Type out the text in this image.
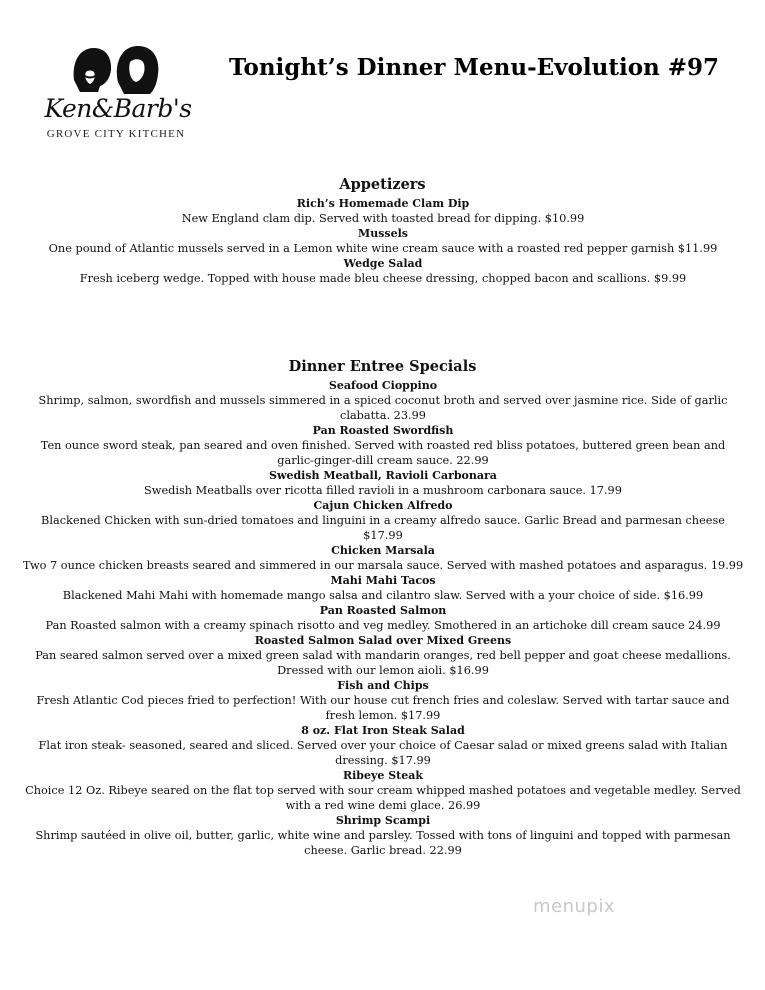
Ken&Barb's
GROVE CITY KITCHEN
Tonight’s Dinner Menu-Evolution #97
Appetizers
Rich’s Homemade Clam Dip
New England clam dip. Served with toasted bread for dipping. $10.99
Mussels
One pound of Atlantic mussels served in a Lemon white wine cream sauce with a roasted red pepper garnish $11.99
Wedge Salad
Fresh iceberg wedge. Topped with house made bleu cheese dressing, chopped bacon and scallions. $9.99
Dinner Entree Specials
Seafood Cioppino
Shrimp, salmon, swordfish and mussels simmered in a spiced coconut broth and served over jasmine rice. Side of garlic clabatta. 23.99
Pan Roasted Swordfish
Ten ounce sword steak, pan seared and oven finished. Served with roasted red bliss potatoes, buttered green bean and garlic-ginger-dill cream sauce. 22.99
Swedish Meatball, Ravioli Carbonara
Swedish Meatballs over ricotta filled ravioli in a mushroom carbonara sauce. 17.99
Cajun Chicken Alfredo
Blackened Chicken with sun-dried tomatoes and linguini in a creamy alfredo sauce. Garlic Bread and parmesan cheese $17.99
Chicken Marsala
Two 7 ounce chicken breasts seared and simmered in our marsala sauce. Served with mashed potatoes and asparagus. 19.99
Mahi Mahi Tacos
Blackened Mahi Mahi with homemade mango salsa and cilantro slaw. Served with a your choice of side. $16.99
Pan Roasted Salmon
Pan Roasted salmon with a creamy spinach risotto and veg medley. Smothered in an artichoke dill cream sauce 24.99
Roasted Salmon Salad over Mixed Greens
Pan seared salmon served over a mixed green salad with mandarin oranges, red bell pepper and goat cheese medallions. Dressed with our lemon aioli. $16.99
Fish and Chips
Fresh Atlantic Cod pieces fried to perfection! With our house cut french fries and coleslaw. Served with tartar sauce and fresh lemon. $17.99
8 oz. Flat Iron Steak Salad
Flat iron steak- seasoned, seared and sliced. Served over your choice of Caesar salad or mixed greens salad with Italian dressing. $17.99
Ribeye Steak
Choice 12 Oz. Ribeye seared on the flat top served with sour cream whipped mashed potatoes and vegetable medley. Served with a red wine demi glace. 26.99
Shrimp Scampi
Shrimp sautéed in olive oil, butter, garlic, white wine and parsley. Tossed with tons of linguini and topped with parmesan cheese. Garlic bread. 22.99
menupix
